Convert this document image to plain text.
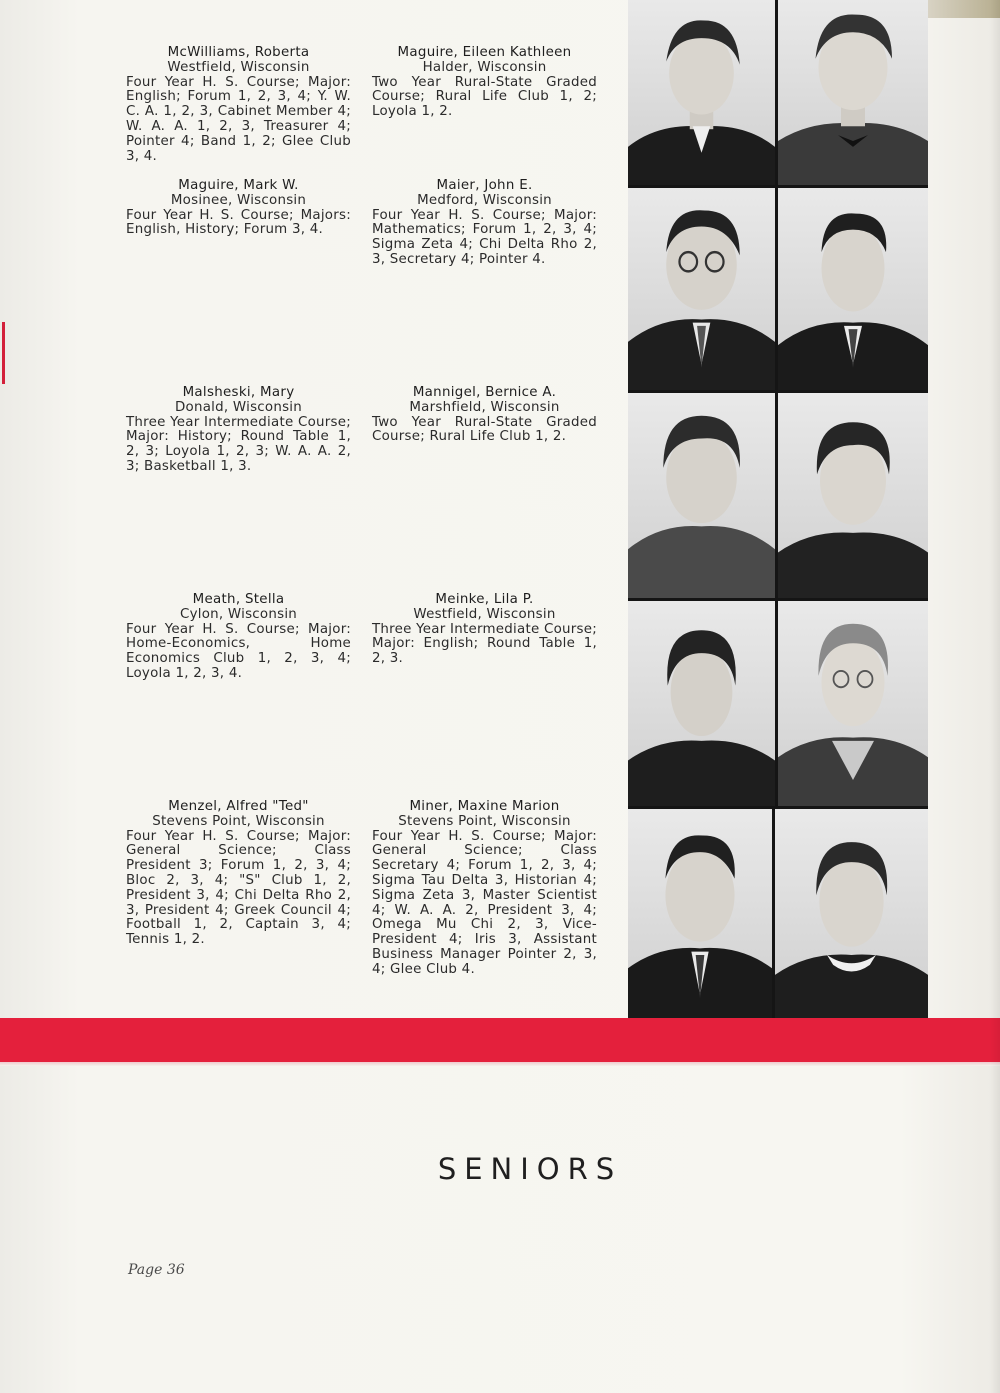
McWilliams, Roberta
Westfield, Wisconsin
Four Year H. S. Course; Major: English; Forum 1, 2, 3, 4; Y. W. C. A. 1, 2, 3, Cabinet Member 4; W. A. A. 1, 2, 3, Treasurer 4; Pointer 4; Band 1, 2; Glee Club 3, 4.
Maguire, Eileen Kathleen
Halder, Wisconsin
Two Year Rural-State Graded Course; Rural Life Club 1, 2; Loyola 1, 2.
Maguire, Mark W.
Mosinee, Wisconsin
Four Year H. S. Course; Majors: English, History; Forum 3, 4.
Maier, John E.
Medford, Wisconsin
Four Year H. S. Course; Major: Mathematics; Forum 1, 2, 3, 4; Sigma Zeta 4; Chi Delta Rho 2, 3, Secretary 4; Pointer 4.
Malsheski, Mary
Donald, Wisconsin
Three Year Intermediate Course; Major: History; Round Table 1, 2, 3; Loyola 1, 2, 3; W. A. A. 2, 3; Basketball 1, 3.
Mannigel, Bernice A.
Marshfield, Wisconsin
Two Year Rural-State Graded Course; Rural Life Club 1, 2.
Meath, Stella
Cylon, Wisconsin
Four Year H. S. Course; Major: Home-Economics, Home Economics Club 1, 2, 3, 4; Loyola 1, 2, 3, 4.
Meinke, Lila P.
Westfield, Wisconsin
Three Year Intermediate Course; Major: English; Round Table 1, 2, 3.
Menzel, Alfred "Ted"
Stevens Point, Wisconsin
Four Year H. S. Course; Major: General Science; Class President 3; Forum 1, 2, 3, 4; Bloc 2, 3, 4; "S" Club 1, 2, President 3, 4; Chi Delta Rho 2, 3, President 4; Greek Council 4; Football 1, 2, Captain 3, 4; Tennis 1, 2.
Miner, Maxine Marion
Stevens Point, Wisconsin
Four Year H. S. Course; Major: General Science; Class Secretary 4; Forum 1, 2, 3, 4; Sigma Tau Delta 3, Historian 4; Sigma Zeta 3, Master Scientist 4; W. A. A. 2, President 3, 4; Omega Mu Chi 2, 3, Vice-President 4; Iris 3, Assistant Business Manager Pointer 2, 3, 4; Glee Club 4.
SENIORS
Page 36
